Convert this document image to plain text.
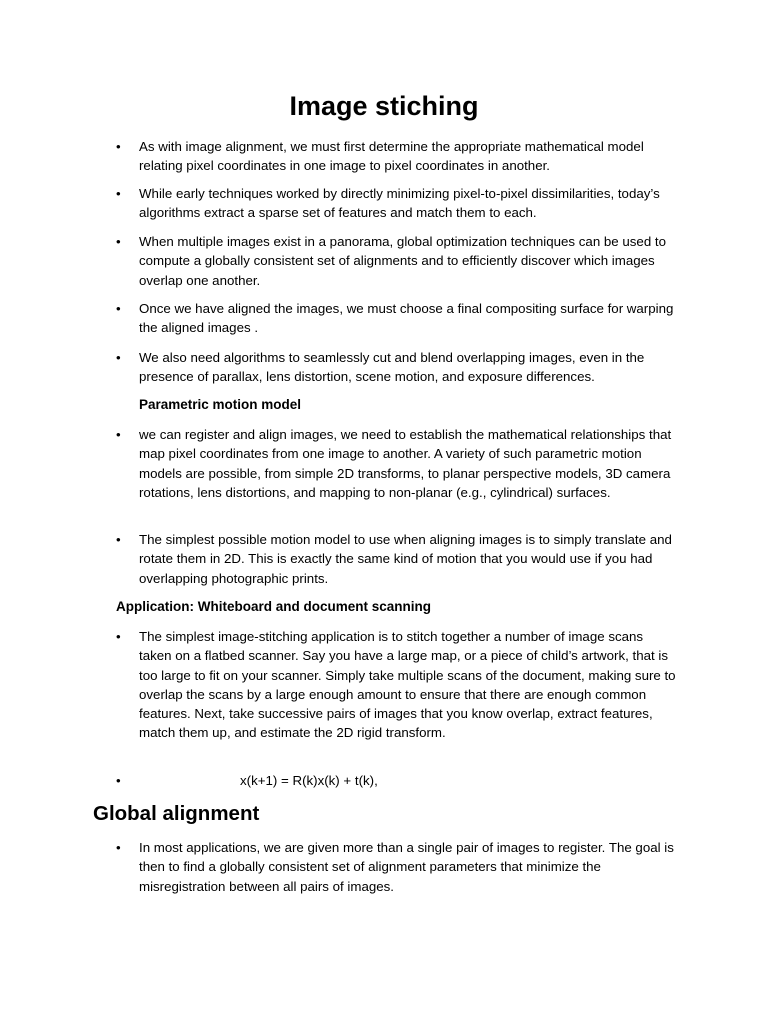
Image stiching
•	As with image alignment, we must first determine the appropriate mathematical model relating pixel coordinates in one image to pixel coordinates in another.
•	While early techniques worked by directly minimizing pixel-to-pixel dissimilarities, today’s algorithms extract a sparse set of features and match them to each.
•	When multiple images exist in a panorama, global optimization techniques can be used to compute a globally consistent set of alignments and to efficiently discover which images overlap one another.
•	Once we have aligned the images, we must choose a final compositing surface for warping the aligned images .
•	We also need algorithms to seamlessly cut and blend overlapping images, even in the presence of parallax, lens distortion, scene motion, and exposure differences.
Parametric motion model
•	we can register and align images, we need to establish the mathematical relationships that map pixel coordinates from one image to another. A variety of such parametric motion models are possible, from simple 2D transforms, to planar perspective models, 3D camera rotations, lens distortions, and mapping to non-planar (e.g., cylindrical) surfaces.
•	The simplest possible motion model to use when aligning images is to simply translate and rotate them in 2D. This is exactly the same kind of motion that you would use if you had overlapping photographic prints.
Application: Whiteboard and document scanning
•	The simplest image-stitching application is to stitch together a number of image scans taken on a flatbed scanner. Say you have a large map, or a piece of child’s artwork, that is too large to fit on your scanner. Simply take multiple scans of the document, making sure to overlap the scans by a large enough amount to ensure that there are enough common features. Next, take successive pairs of images that you know overlap, extract features, match them up, and estimate the 2D rigid transform.
•	x(k+1) = R(k)x(k) + t(k),
Global alignment
•	In most applications, we are given more than a single pair of images to register. The goal is then to find a globally consistent set of alignment parameters that minimize the misregistration between all pairs of images.
